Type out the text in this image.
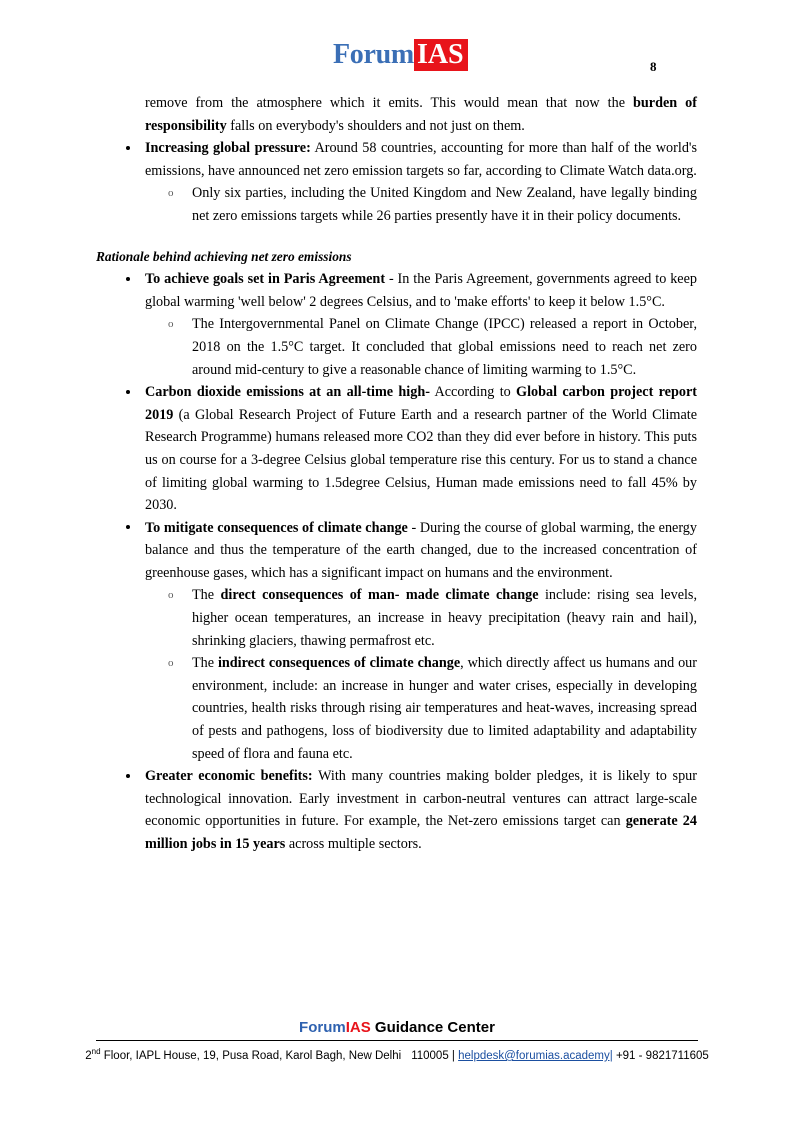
Forum IAS	8

remove from the atmosphere which it emits. This would mean that now the burden of responsibility falls on everybody's shoulders and not just on them.

Increasing global pressure: Around 58 countries, accounting for more than half of the world's emissions, have announced net zero emission targets so far, according to Climate Watch data.org.
o Only six parties, including the United Kingdom and New Zealand, have legally binding net zero emissions targets while 26 parties presently have it in their policy documents.

Rationale behind achieving net zero emissions

To achieve goals set in Paris Agreement - In the Paris Agreement, governments agreed to keep global warming 'well below' 2 degrees Celsius, and to 'make efforts' to keep it below 1.5°C.
o The Intergovernmental Panel on Climate Change (IPCC) released a report in October, 2018 on the 1.5°C target. It concluded that global emissions need to reach net zero around mid-century to give a reasonable chance of limiting warming to 1.5°C.
Carbon dioxide emissions at an all-time high- According to Global carbon project report 2019 (a Global Research Project of Future Earth and a research partner of the World Climate Research Programme) humans released more CO2 than they did ever before in history. This puts us on course for a 3-degree Celsius global temperature rise this century. For us to stand a chance of limiting global warming to 1.5degree Celsius, Human made emissions need to fall 45% by 2030.
To mitigate consequences of climate change - During the course of global warming, the energy balance and thus the temperature of the earth changed, due to the increased concentration of greenhouse gases, which has a significant impact on humans and the environment.
o The direct consequences of man- made climate change include: rising sea levels, higher ocean temperatures, an increase in heavy precipitation (heavy rain and hail), shrinking glaciers, thawing permafrost etc.
o The indirect consequences of climate change, which directly affect us humans and our environment, include: an increase in hunger and water crises, especially in developing countries, health risks through rising air temperatures and heat-waves, increasing spread of pests and pathogens, loss of biodiversity due to limited adaptability and adaptability speed of flora and fauna etc.
Greater economic benefits: With many countries making bolder pledges, it is likely to spur technological innovation. Early investment in carbon-neutral ventures can attract large-scale economic opportunities in future. For example, the Net-zero emissions target can generate 24 million jobs in 15 years across multiple sectors.
ForumIAS Guidance Center
2nd Floor, IAPL House, 19, Pusa Road, Karol Bagh, New Delhi 110005 | helpdesk@forumias.academy| +91 - 9821711605
